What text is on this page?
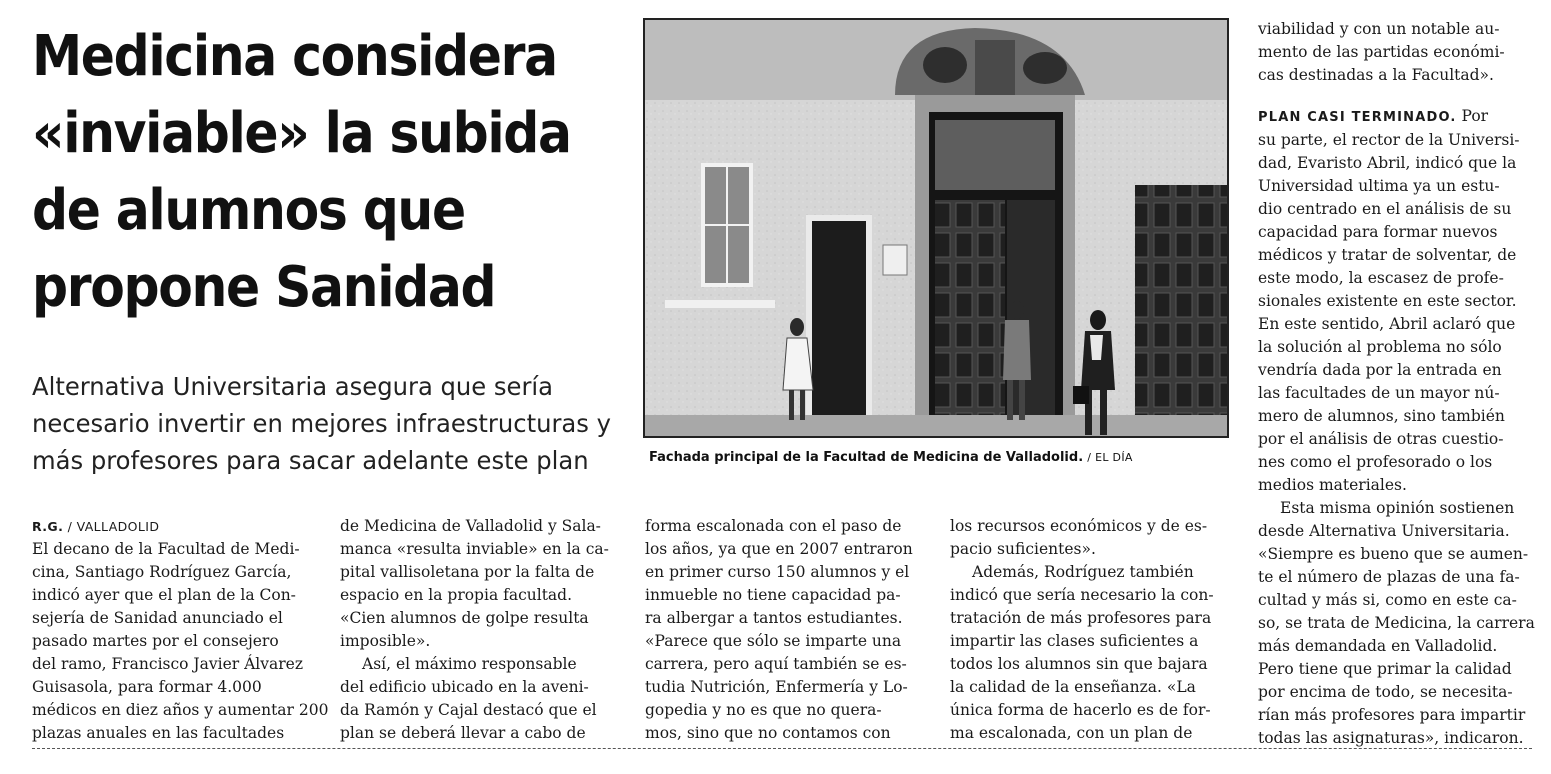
Medicina considera
«inviable» la subida
de alumnos que
propone Sanidad
Alternativa Universitaria asegura que sería
necesario invertir en mejores infraestructuras y
más profesores para sacar adelante este plan	Fachada principal de la Facultad de Medicina de Valladolid. / EL DÍA
R.G. / VALLADOLID
El decano de la Facultad de Medi-
cina, Santiago Rodríguez García,
indicó ayer que el plan de la Con-
sejería de Sanidad anunciado el
pasado martes por el consejero
del ramo, Francisco Javier Álvarez
Guisasola, para formar 4.000
médicos en diez años y aumentar 200
plazas anuales en las facultades
de Medicina de Valladolid y Sala-
manca «resulta inviable» en la ca-
pital vallisoletana por la falta de
espacio en la propia facultad.
«Cien alumnos de golpe resulta
imposible».
Así, el máximo responsable
del edificio ubicado en la aveni-
da Ramón y Cajal destacó que el
plan se deberá llevar a cabo de
forma escalonada con el paso de
los años, ya que en 2007 entraron
en primer curso 150 alumnos y el
inmueble no tiene capacidad pa-
ra albergar a tantos estudiantes.
«Parece que sólo se imparte una
carrera, pero aquí también se es-
tudia Nutrición, Enfermería y Lo-
gopedia y no es que no quera-
mos, sino que no contamos con
los recursos económicos y de es-
pacio suficientes».
Además, Rodríguez también
indicó que sería necesario la con-
tratación de más profesores para
impartir las clases suficientes a
todos los alumnos sin que bajara
la calidad de la enseñanza. «La
única forma de hacerlo es de for-
ma escalonada, con un plan de
viabilidad y con un notable au-
mento de las partidas económi-
cas destinadas a la Facultad».
PLAN CASI TERMINADO. Por
su parte, el rector de la Universi-
dad, Evaristo Abril, indicó que la
Universidad ultima ya un estu-
dio centrado en el análisis de su
capacidad para formar nuevos
médicos y tratar de solventar, de
este modo, la escasez de profe-
sionales existente en este sector.
En este sentido, Abril aclaró que
la solución al problema no sólo
vendría dada por la entrada en
las facultades de un mayor nú-
mero de alumnos, sino también
por el análisis de otras cuestio-
nes como el profesorado o los
medios materiales.
Esta misma opinión sostienen
desde Alternativa Universitaria.
«Siempre es bueno que se aumen-
te el número de plazas de una fa-
cultad y más si, como en este ca-
so, se trata de Medicina, la carrera
más demandada en Valladolid.
Pero tiene que primar la calidad
por encima de todo, se necesita-
rían más profesores para impartir
todas las asignaturas», indicaron.
